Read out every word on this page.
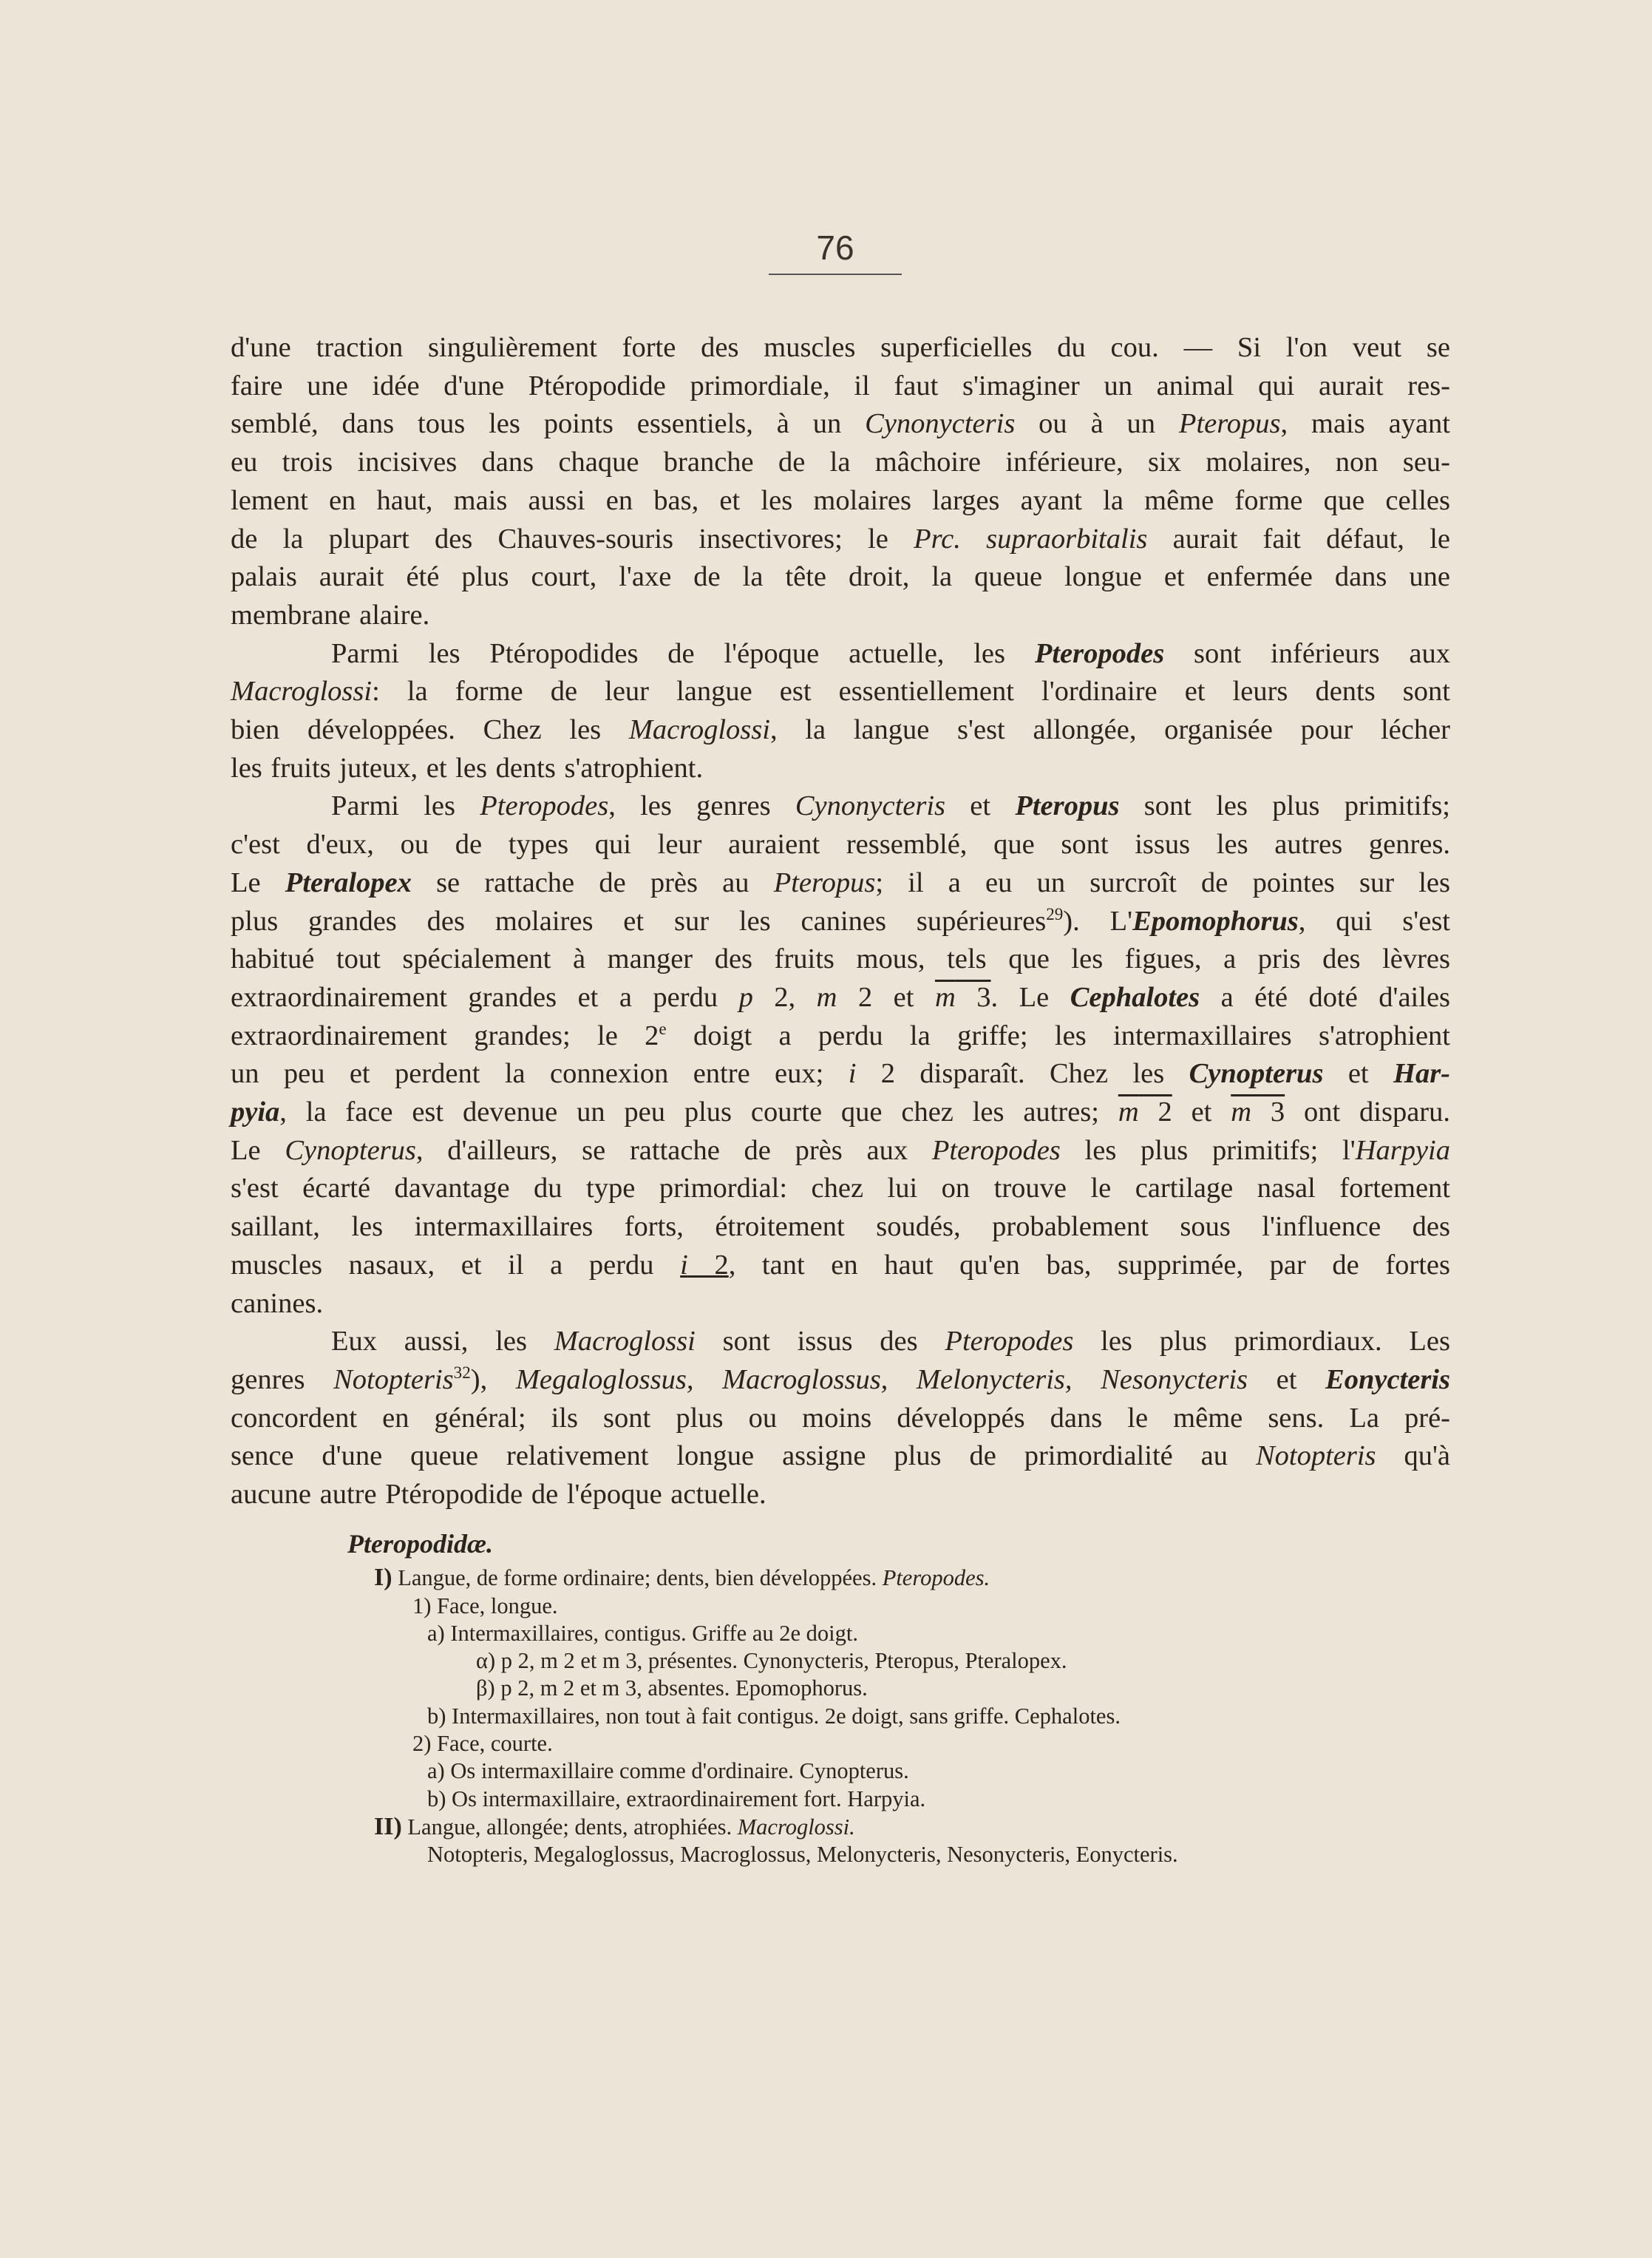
76

d'une traction singulièrement forte des muscles superficielles du cou. — Si l'on veut se
faire une idée d'une Ptéropodide primordiale, il faut s'imaginer un animal qui aurait res-
semblé, dans tous les points essentiels, à un Cynonycteris ou à un Pteropus, mais ayant
eu trois incisives dans chaque branche de la mâchoire inférieure, six molaires, non seu-
lement en haut, mais aussi en bas, et les molaires larges ayant la même forme que celles
de la plupart des Chauves-souris insectivores; le Prc. supraorbitalis aurait fait défaut, le
palais aurait été plus court, l'axe de la tête droit, la queue longue et enfermée dans une
membrane alaire.

Parmi les Ptéropodides de l'époque actuelle, les Pteropodes sont inférieurs aux
Macroglossi: la forme de leur langue est essentiellement l'ordinaire et leurs dents sont
bien développées. Chez les Macroglossi, la langue s'est allongée, organisée pour lécher
les fruits juteux, et les dents s'atrophient.

Parmi les Pteropodes, les genres Cynonycteris et Pteropus sont les plus primitifs;
c'est d'eux, ou de types qui leur auraient ressemblé, que sont issus les autres genres.
Le Pteralopex se rattache de près au Pteropus; il a eu un surcroît de pointes sur les
plus grandes des molaires et sur les canines supérieures$^{29}$). L'Epomophorus, qui s'est
habitué tout spécialement à manger des fruits mous, tels que les figues, a pris des lèvres
extraordinairement grandes et a perdu p 2, m 2 et m 3. Le Cephalotes a été doté d'ailes
extraordinairement grandes; le 2e doigt a perdu la griffe; les intermaxillaires s'atrophient
un peu et perdent la connexion entre eux; i 2 disparaît. Chez les Cynopterus et Har-
pyia, la face est devenue un peu plus courte que chez les autres; m 2 et m 3 ont disparu.
Le Cynopterus, d'ailleurs, se rattache de près aux Pteropodes les plus primitifs; l'Harpyia
s'est écarté davantage du type primordial: chez lui on trouve le cartilage nasal fortement
saillant, les intermaxillaires forts, étroitement soudés, probablement sous l'influence des
muscles nasaux, et il a perdu i 2, tant en haut qu'en bas, supprimée, par de fortes
canines.

Eux aussi, les Macroglossi sont issus des Pteropodes les plus primordiaux. Les
genres Notopteris$^{32}$), Megaloglossus, Macroglossus, Melonycteris, Nesonycteris et Eonycteris
concordent en général; ils sont plus ou moins développés dans le même sens. La pré-
sence d'une queue relativement longue assigne plus de primordialité au Notopteris qu'à
aucune autre Ptéropodide de l'époque actuelle.

Pteropodidæ.
I) Langue, de forme ordinaire; dents, bien développées. Pteropodes.
1) Face, longue.
a) Intermaxillaires, contigus. Griffe au 2e doigt.
α) p 2, m 2 et m 3, présentes. Cynonycteris, Pteropus, Pteralopex.
β) p 2, m 2 et m 3, absentes. Epomophorus.
b) Intermaxillaires, non tout à fait contigus. 2e doigt, sans griffe. Cephalotes.
2) Face, courte.
a) Os intermaxillaire comme d'ordinaire. Cynopterus.
b) Os intermaxillaire, extraordinairement fort. Harpyia.
II) Langue, allongée; dents, atrophiées. Macroglossi.
Notopteris, Megaloglossus, Macroglossus, Melonycteris, Nesonycteris, Eonycteris.
